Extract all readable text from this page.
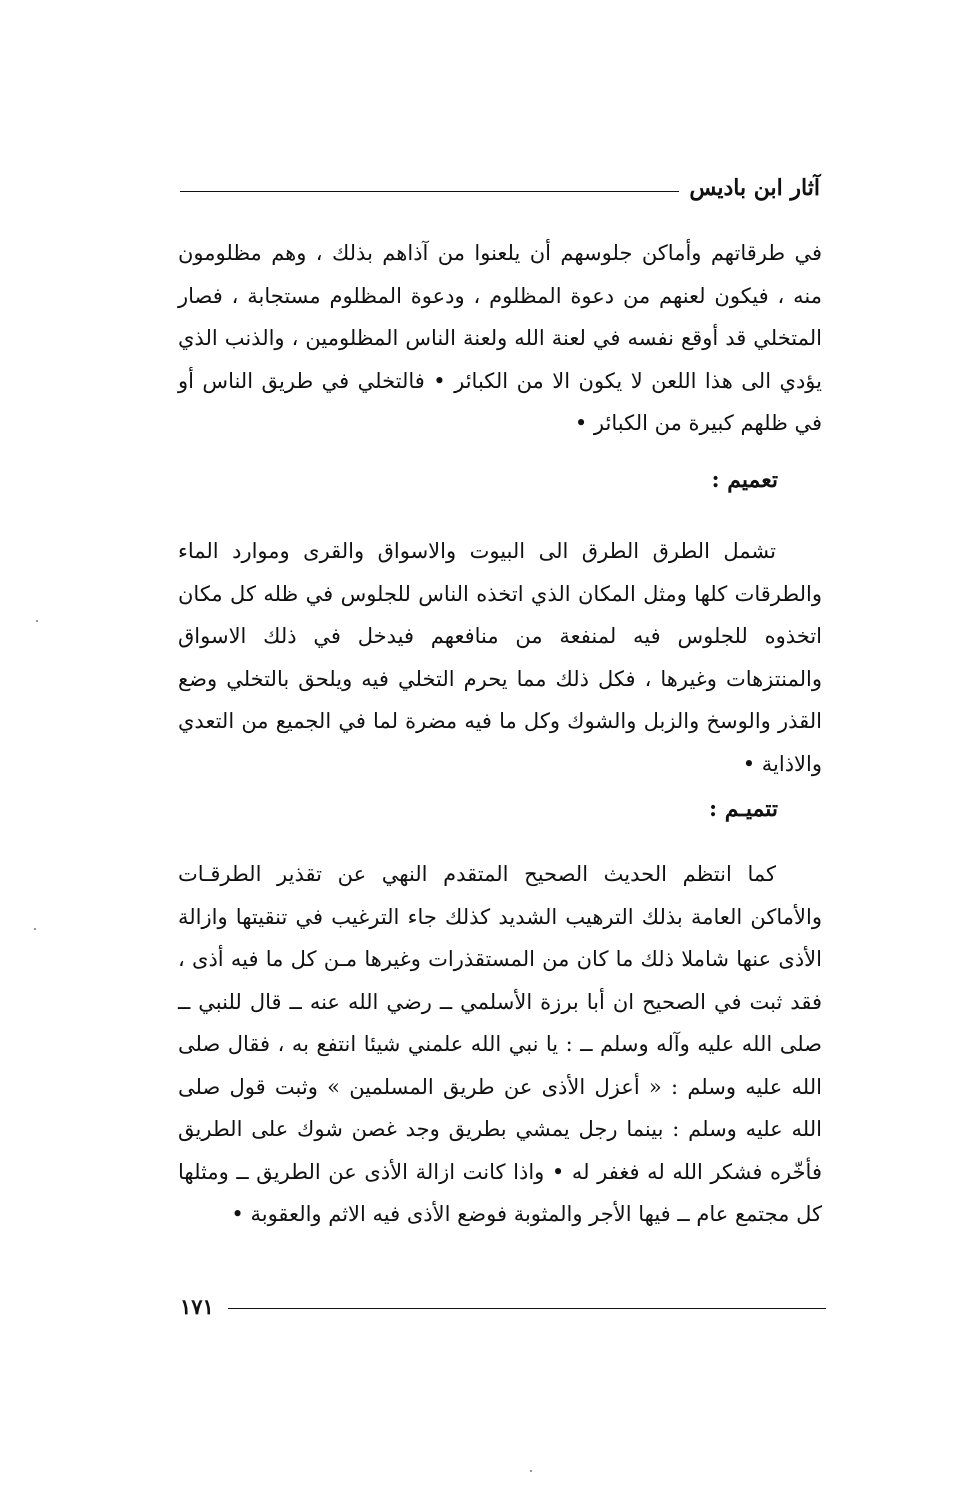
آثار ابن باديس

في طرقاتهم وأماكن جلوسهم أن يلعنوا من آذاهم بذلك ، وهم مظلومون منه ، فيكون لعنهم من دعوة المظلوم ، ودعوة المظلوم مستجابة ، فصار المتخلي قد أوقع نفسه في لعنة الله ولعنة الناس المظلومين ، والذنب الذي يؤدي الى هذا اللعن لا يكون الا من الكبائر • فالتخلي في طريق الناس أو في ظلهم كبيرة من الكبائر •

تعميم :

تشمل الطرق الطرق الى البيوت والاسواق والقرى وموارد الماء والطرقات كلها ومثل المكان الذي اتخذه الناس للجلوس في ظله كل مكان اتخذوه للجلوس فيه لمنفعة من منافعهم فيدخل في ذلك الاسواق والمنتزهات وغيرها ، فكل ذلك مما يحرم التخلي فيه ويلحق بالتخلي وضع القذر والوسخ والزبل والشوك وكل ما فيه مضرة لما في الجميع من التعدي والاذاية •

تتميـم :

كما انتظم الحديث الصحيح المتقدم النهي عن تقذير الطرقـات والأماكن العامة بذلك الترهيب الشديد كذلك جاء الترغيب في تنقيتها وازالة الأذى عنها شاملا ذلك ما كان من المستقذرات وغيرها مـن كل ما فيه أذى ، فقد ثبت في الصحيح ان أبا برزة الأسلمي ــ رضي الله عنه ــ قال للنبي ــ صلى الله عليه وآله وسلم ــ : يا نبي الله علمني شيئا انتفع به ، فقال صلى الله عليه وسلم : « أعزل الأذى عن طريق المسلمين » وثبت قول صلى الله عليه وسلم : بينما رجل يمشي بطريق وجد غصن شوك على الطريق فأخّره فشكر الله له فغفر له • واذا كانت ازالة الأذى عن الطريق ــ ومثلها كل مجتمع عام ــ فيها الأجر والمثوبة فوضع الأذى فيه الاثم والعقوبة •

١٧١
